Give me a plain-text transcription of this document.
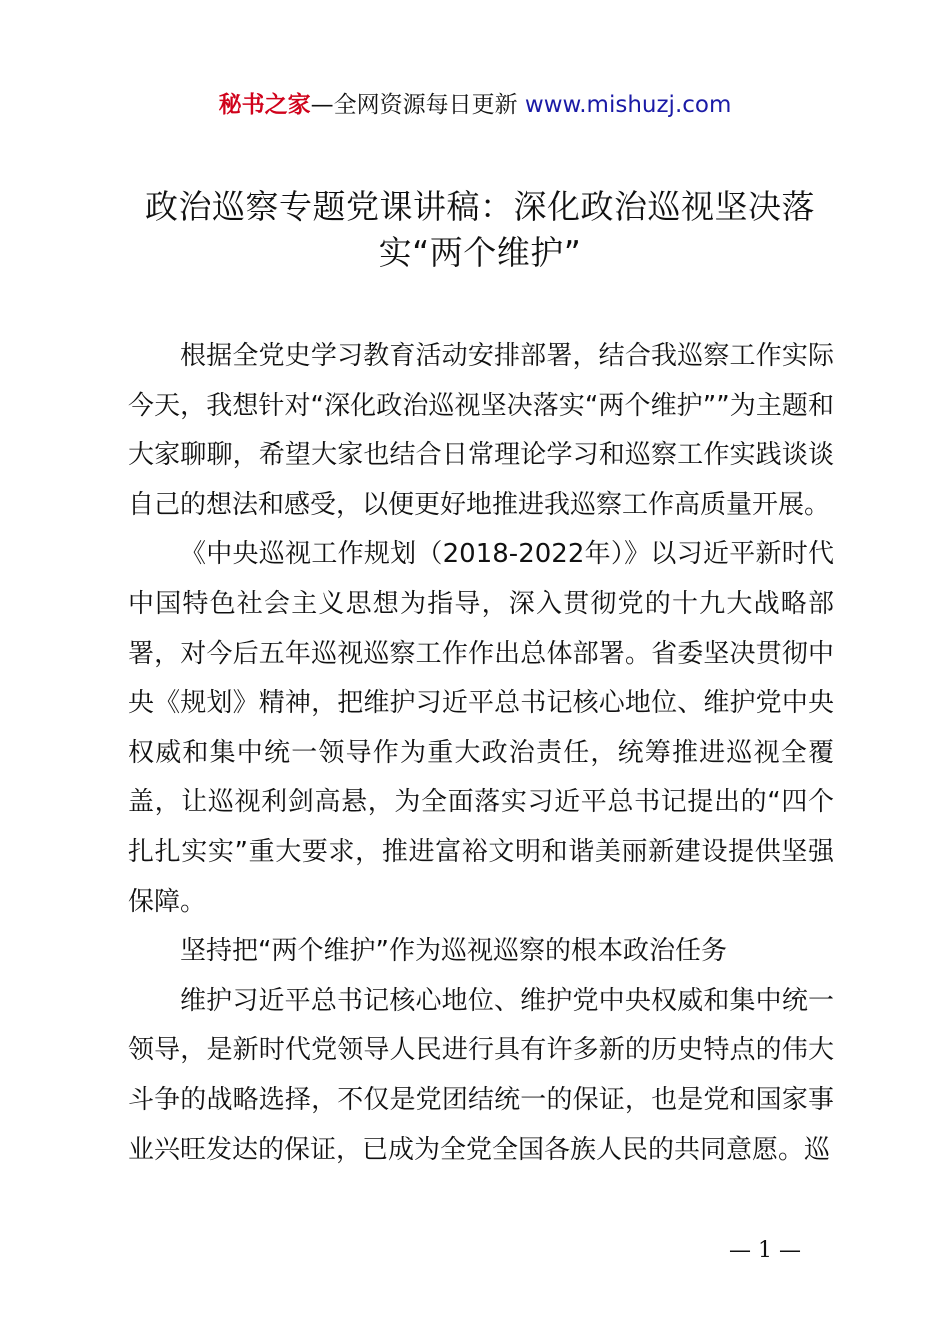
秘书之家—全网资源每日更新 www.mishuzj.com
政治巡察专题党课讲稿：深化政治巡视坚决落实“两个维护”

根据全党史学习教育活动安排部署，结合我巡察工作实际今天，我想针对“深化政治巡视坚决落实“两个维护””为主题和大家聊聊，希望大家也结合日常理论学习和巡察工作实践谈谈自己的想法和感受，以便更好地推进我巡察工作高质量开展。

《中央巡视工作规划（2018-2022年）》以习近平新时代中国特色社会主义思想为指导，深入贯彻党的十九大战略部署，对今后五年巡视巡察工作作出总体部署。省委坚决贯彻中央《规划》精神，把维护习近平总书记核心地位、维护党中央权威和集中统一领导作为重大政治责任，统筹推进巡视全覆盖，让巡视利剑高悬，为全面落实习近平总书记提出的“四个扎扎实实”重大要求，推进富裕文明和谐美丽新建设提供坚强保障。

坚持把“两个维护”作为巡视巡察的根本政治任务

维护习近平总书记核心地位、维护党中央权威和集中统一领导，是新时代党领导人民进行具有许多新的历史特点的伟大斗争的战略选择，不仅是党团结统一的保证，也是党和国家事业兴旺发达的保证，已成为全党全国各族人民的共同意愿。巡

— 1 —
